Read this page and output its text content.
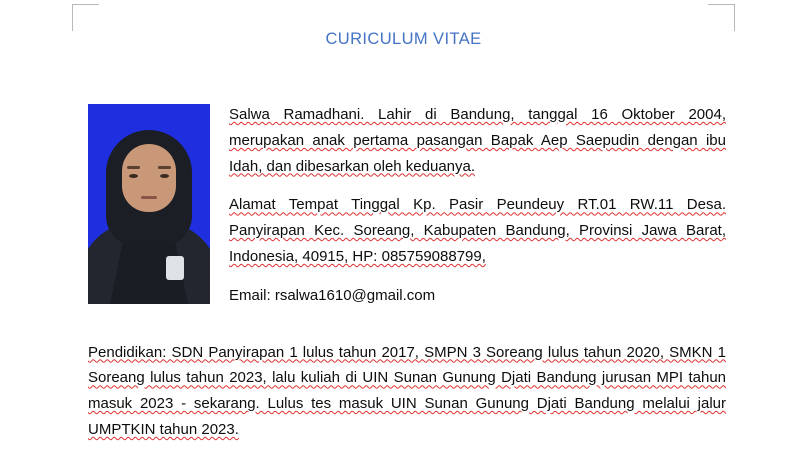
CURICULUM VITAE

Salwa Ramadhani. Lahir di Bandung, tanggal 16 Oktober 2004, merupakan anak pertama pasangan Bapak Aep Saepudin dengan ibu Idah, dan dibesarkan oleh keduanya.

Alamat Tempat Tinggal Kp. Pasir Peundeuy RT.01 RW.11 Desa. Panyirapan Kec. Soreang, Kabupaten Bandung, Provinsi Jawa Barat, Indonesia, 40915, HP: 085759088799,

Email: rsalwa1610@gmail.com

Pendidikan: SDN Panyirapan 1 lulus tahun 2017, SMPN 3 Soreang lulus tahun 2020, SMKN 1 Soreang lulus tahun 2023, lalu kuliah di UIN Sunan Gunung Djati Bandung jurusan MPI tahun masuk 2023 - sekarang. Lulus tes masuk UIN Sunan Gunung Djati Bandung melalui jalur UMPTKIN tahun 2023.
